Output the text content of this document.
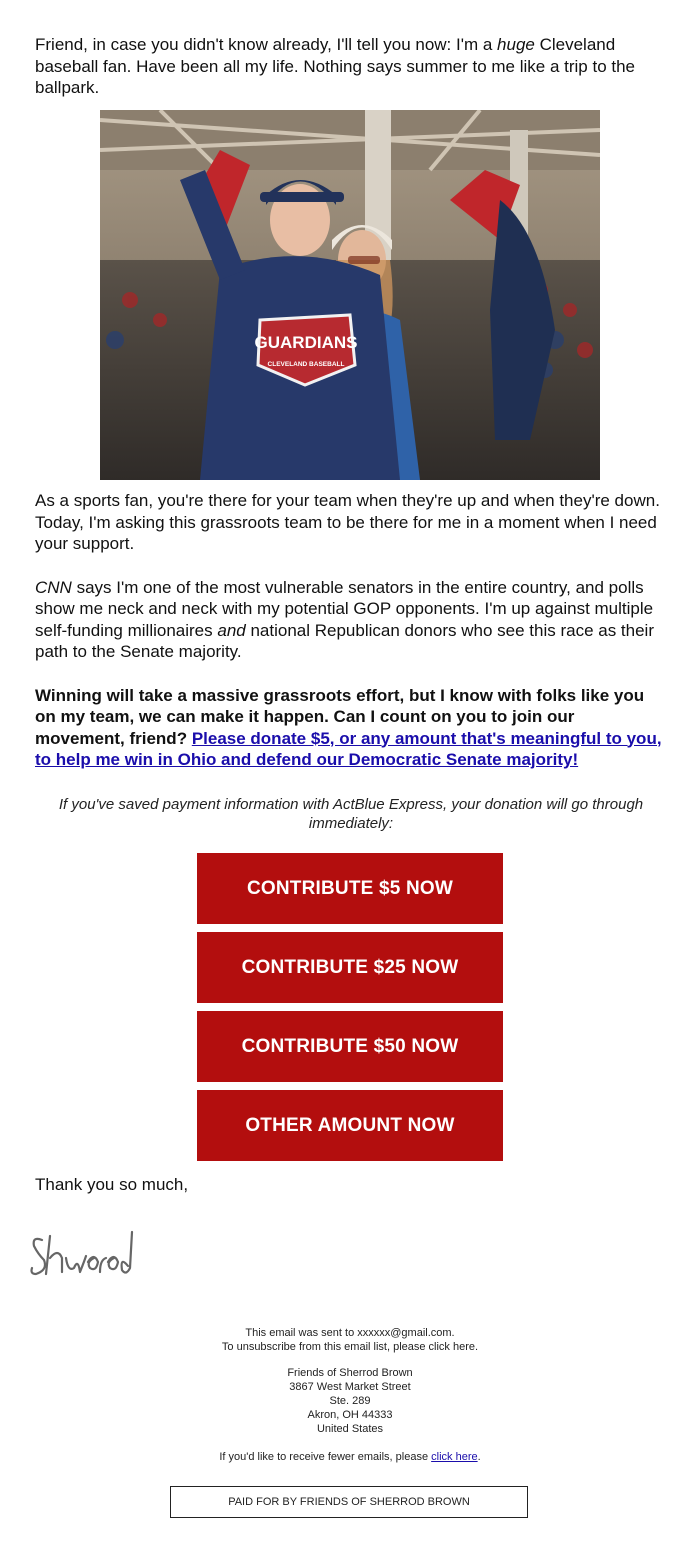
Friend, in case you didn't know already, I'll tell you now: I'm a huge Cleveland baseball fan. Have been all my life. Nothing says summer to me like a trip to the ballpark.

GUARDIANS
CLEVELAND BASEBALL

As a sports fan, you're there for your team when they're up and when they're down. Today, I'm asking this grassroots team to be there for me in a moment when I need your support.

CNN says I'm one of the most vulnerable senators in the entire country, and polls show me neck and neck with my potential GOP opponents. I'm up against multiple self-funding millionaires and national Republican donors who see this race as their path to the Senate majority.

Winning will take a massive grassroots effort, but I know with folks like you on my team, we can make it happen. Can I count on you to join our movement, friend? Please donate $5, or any amount that's meaningful to you, to help me win in Ohio and defend our Democratic Senate majority!

If you've saved payment information with ActBlue Express, your donation will go through immediately:
CONTRIBUTE $5 NOW
CONTRIBUTE $25 NOW
CONTRIBUTE $50 NOW
OTHER AMOUNT NOW
Thank you so much,
This email was sent to xxxxxx@gmail.com.
To unsubscribe from this email list, please click here.
Friends of Sherrod Brown
3867 West Market Street
Ste. 289
Akron, OH 44333
United States
If you'd like to receive fewer emails, please click here.
PAID FOR BY FRIENDS OF SHERROD BROWN
